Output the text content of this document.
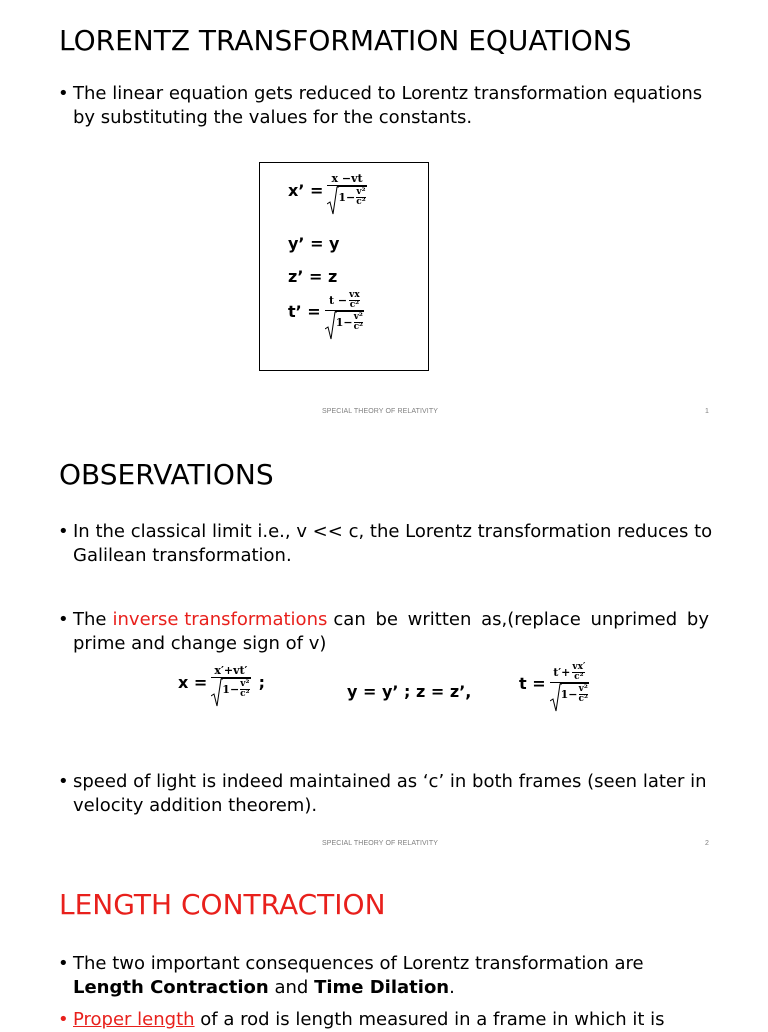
LORENTZ TRANSFORMATION EQUATIONS
• The linear equation gets reduced to Lorentz transformation equations
by substituting the values for the constants.
x’ = x −vt
1− v²
c²
y’ = y
z’ = z
t’ = t − vx
c²
1− v²
c²
SPECIAL THEORY OF RELATIVITY	1
OBSERVATIONS
• In the classical limit i.e., v << c, the Lorentz transformation reduces to
Galilean transformation.
• The inverse transformations can be written as,(replace unprimed by
prime and change sign of v)
x = x′+vt′
1− v²
c² ;	y = y’ ; z = z’,	t = t′+ vx′
c²
1− v²
c²
• speed of light is indeed maintained as ‘c’ in both frames (seen later in
velocity addition theorem).
SPECIAL THEORY OF RELATIVITY	2
LENGTH CONTRACTION
• The two important consequences of Lorentz transformation are
Length Contraction and Time Dilation.
• Proper length of a rod is length measured in a frame in which it is
